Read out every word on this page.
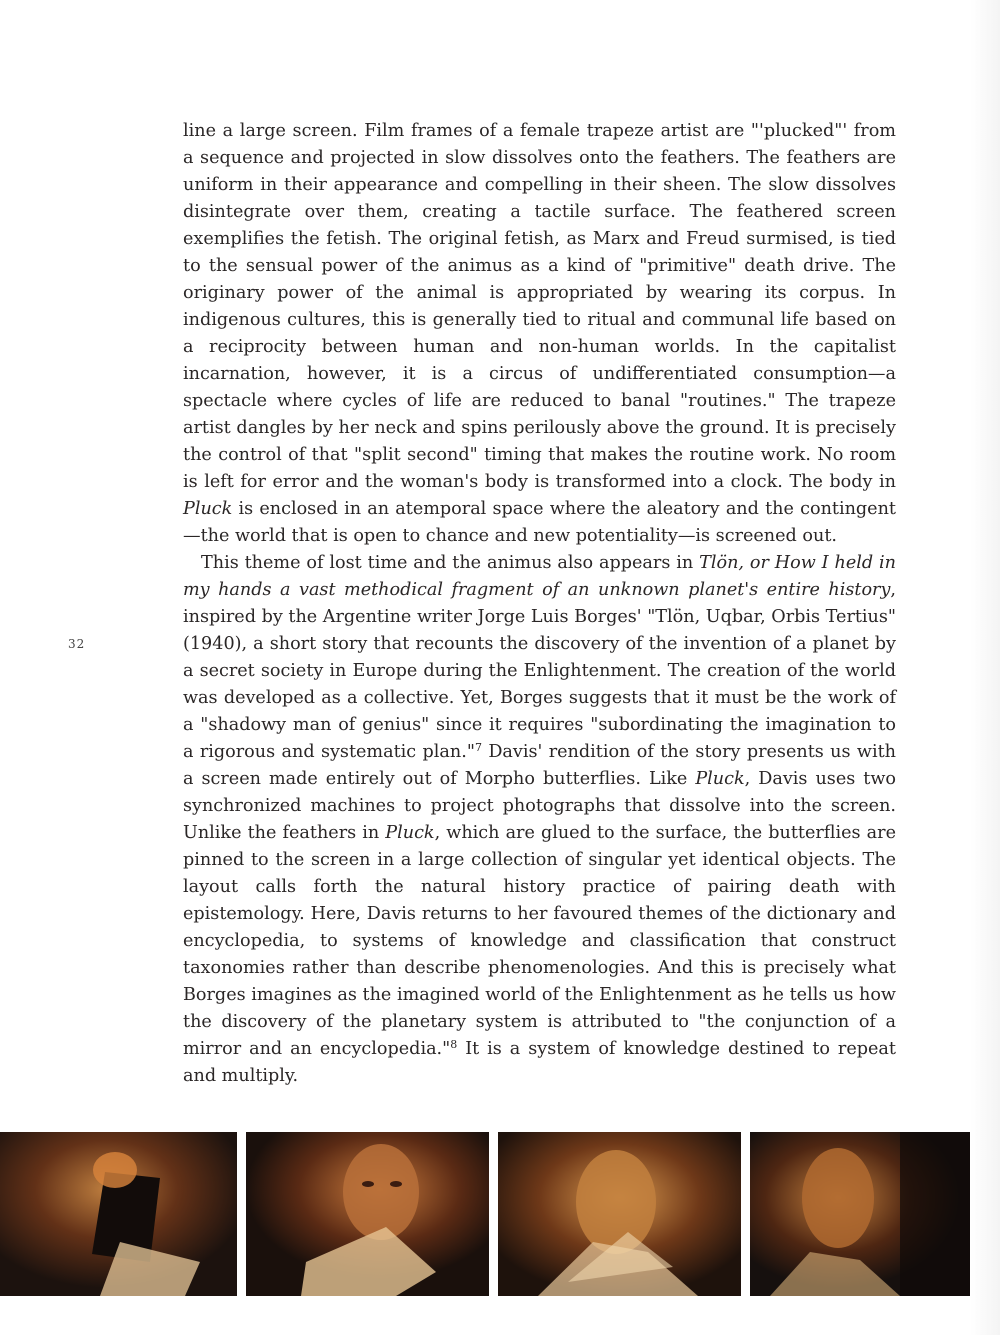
line a large screen. Film frames of a female trapeze artist are "'plucked"' from a sequence and projected in slow dissolves onto the feathers. The feathers are uniform in their appearance and compelling in their sheen. The slow dissolves disintegrate over them, creating a tactile surface. The feathered screen exemplifies the fetish. The original fetish, as Marx and Freud surmised, is tied to the sensual power of the animus as a kind of "primitive" death drive. The originary power of the animal is appropriated by wearing its corpus. In indigenous cultures, this is generally tied to ritual and communal life based on a reciprocity between human and non-human worlds. In the capitalist incarnation, however, it is a circus of undifferentiated consumption—a spectacle where cycles of life are reduced to banal "routines." The trapeze artist dangles by her neck and spins perilously above the ground. It is precisely the control of that "split second" timing that makes the routine work. No room is left for error and the woman's body is transformed into a clock. The body in Pluck is enclosed in an atemporal space where the aleatory and the contingent—the world that is open to chance and new potentiality—is screened out.

This theme of lost time and the animus also appears in Tlön, or How I held in my hands a vast methodical fragment of an unknown planet's entire history, inspired by the Argentine writer Jorge Luis Borges' "Tlön, Uqbar, Orbis Tertius" (1940), a short story that recounts the discovery of the invention of a planet by a secret society in Europe during the Enlightenment. The creation of the world was developed as a collective. Yet, Borges suggests that it must be the work of a "shadowy man of genius" since it requires "subordinating the imagination to a rigorous and systematic plan."$^7$ Davis' rendition of the story presents us with a screen made entirely out of Morpho butterflies. Like Pluck, Davis uses two synchronized machines to project photographs that dissolve into the screen. Unlike the feathers in Pluck, which are glued to the surface, the butterflies are pinned to the screen in a large collection of singular yet identical objects. The layout calls forth the natural history practice of pairing death with epistemology. Here, Davis returns to her favoured themes of the dictionary and encyclopedia, to systems of knowledge and classification that construct taxonomies rather than describe phenomenologies. And this is precisely what Borges imagines as the imagined world of the Enlightenment as he tells us how the discovery of the planetary system is attributed to "the conjunction of a mirror and an encyclopedia."$^8$ It is a system of knowledge destined to repeat and multiply.

32
